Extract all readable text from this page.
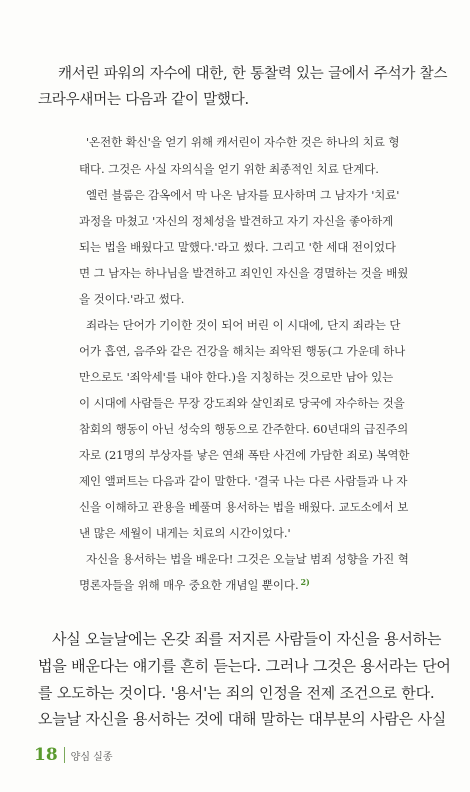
캐서린 파워의 자수에 대한, 한 통찰력 있는 글에서 주석가 찰스

크라우새머는 다음과 같이 말했다.

'온전한 확신'을 얻기 위해 캐서린이 자수한 것은 하나의 치료 형

태다. 그것은 사실 자의식을 얻기 위한 최종적인 치료 단계다.

엘런 블룸은 감옥에서 막 나온 남자를 묘사하며 그 남자가 '치료'

과정을 마쳤고 '자신의 정체성을 발견하고 자기 자신을 좋아하게

되는 법을 배웠다고 말했다.'라고 썼다. 그리고 '한 세대 전이었다

면 그 남자는 하나님을 발견하고 죄인인 자신을 경멸하는 것을 배웠

을 것이다.'라고 썼다.

죄라는 단어가 기이한 것이 되어 버린 이 시대에, 단지 죄라는 단

어가 흡연, 음주와 같은 건강을 해치는 죄악된 행동(그 가운데 하나

만으로도 '죄악세'를 내야 한다.)을 지칭하는 것으로만 남아 있는

이 시대에 사람들은 무장 강도죄와 살인죄로 당국에 자수하는 것을

참회의 행동이 아닌 성숙의 행동으로 간주한다. 60년대의 급진주의

자로 (21명의 부상자를 낳은 연쇄 폭탄 사건에 가담한 죄로) 복역한

제인 앨퍼트는 다음과 같이 말한다. '결국 나는 다른 사람들과 나 자

신을 이해하고 관용을 베풀며 용서하는 법을 배웠다. 교도소에서 보

낸 많은 세월이 내게는 치료의 시간이었다.'

자신을 용서하는 법을 배운다! 그것은 오늘날 범죄 성향을 가진 혁

명론자들을 위해 매우 중요한 개념일 뿐이다. $^{2)}$

사실 오늘날에는 온갖 죄를 저지른 사람들이 자신을 용서하는

법을 배운다는 얘기를 흔히 듣는다. 그러나 그것은 용서라는 단어

를 오도하는 것이다. '용서'는 죄의 인정을 전제 조건으로 한다.

오늘날 자신을 용서하는 것에 대해 말하는 대부분의 사람은 사실

18 양심 실종
